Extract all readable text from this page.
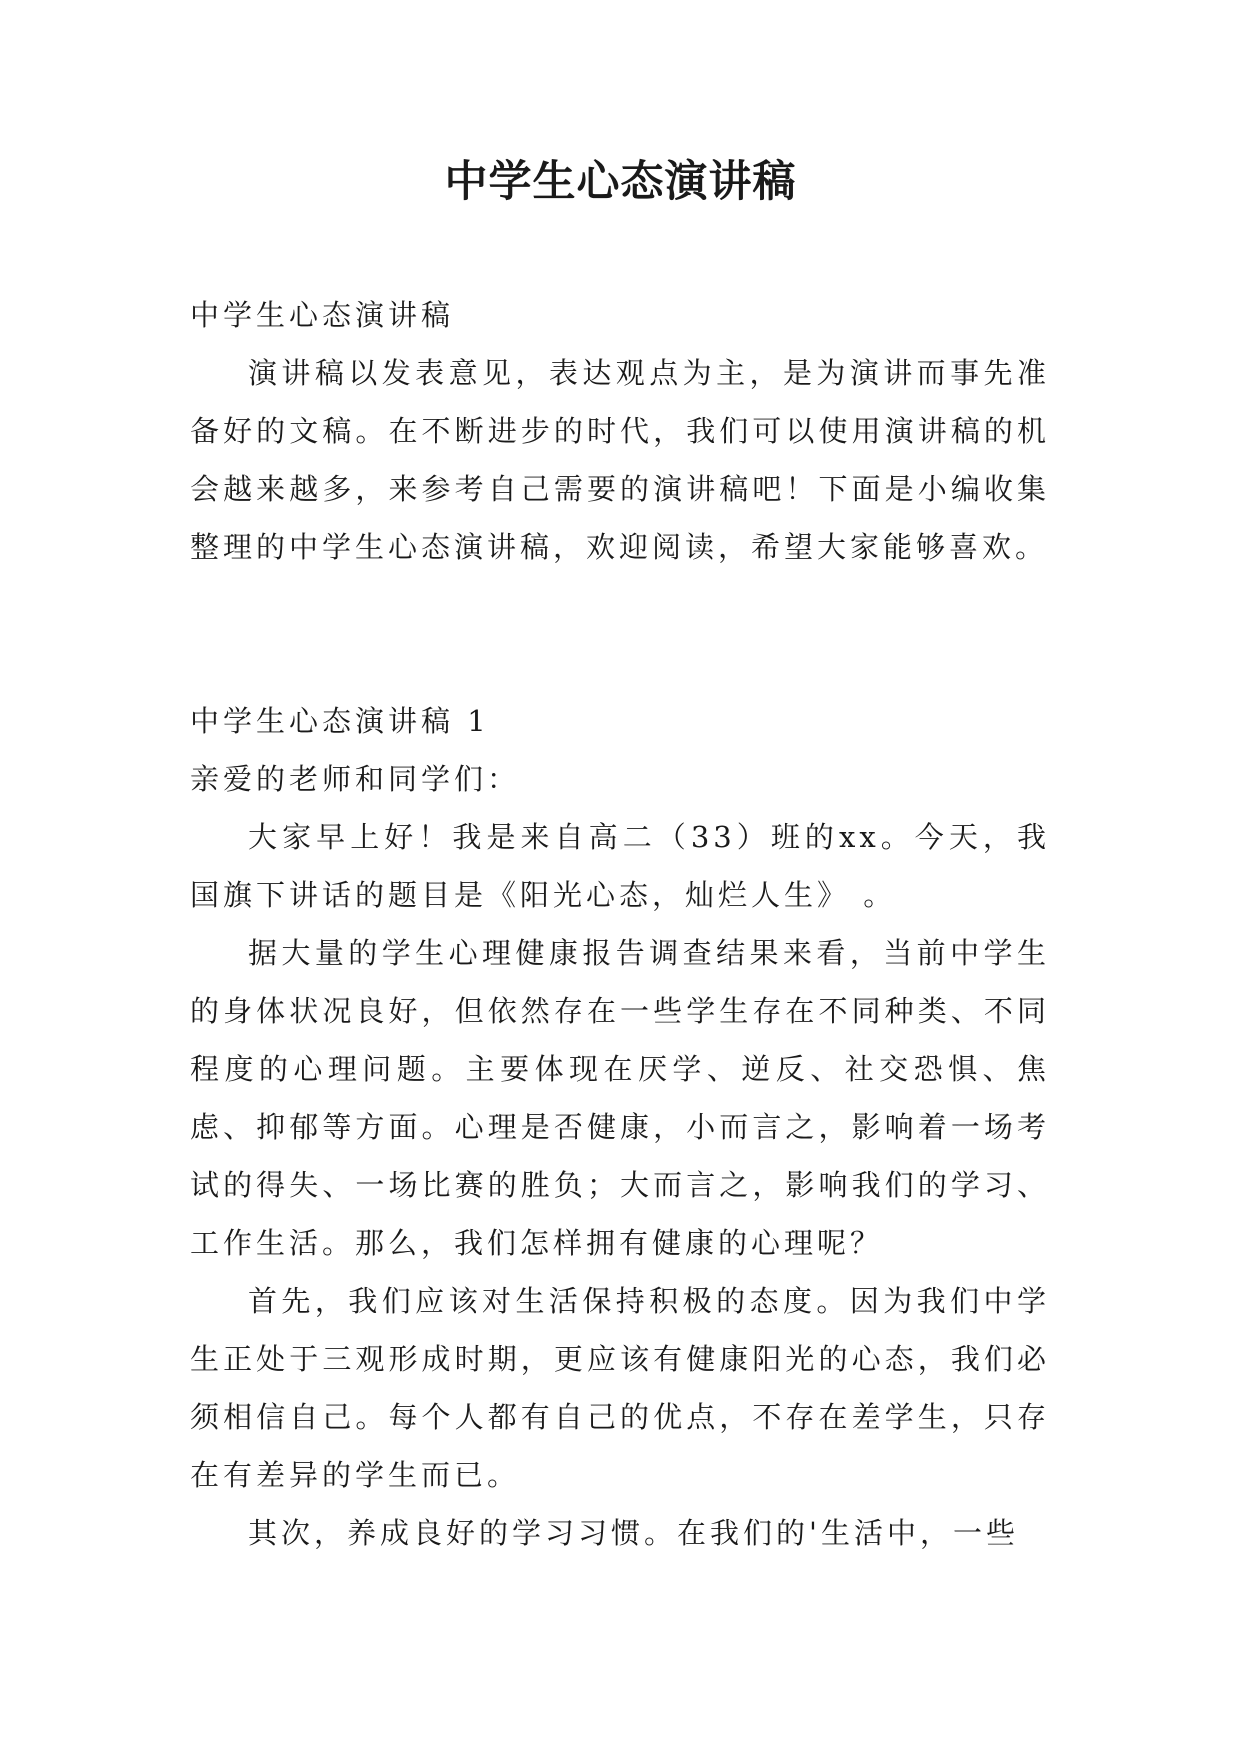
中学生心态演讲稿

中学生心态演讲稿

演讲稿以发表意见，表达观点为主，是为演讲而事先准备好的文稿。在不断进步的时代，我们可以使用演讲稿的机会越来越多，来参考自己需要的演讲稿吧！下面是小编收集整理的中学生心态演讲稿，欢迎阅读，希望大家能够喜欢。

中学生心态演讲稿 1

亲爱的老师和同学们：

大家早上好！我是来自高二（33）班的xx。今天，我国旗下讲话的题目是《阳光心态，灿烂人生》 。

据大量的学生心理健康报告调查结果来看，当前中学生的身体状况良好，但依然存在一些学生存在不同种类、不同程度的心理问题。主要体现在厌学、逆反、社交恐惧、焦虑、抑郁等方面。心理是否健康，小而言之，影响着一场考试的得失、一场比赛的胜负；大而言之，影响我们的学习、工作生活。那么，我们怎样拥有健康的心理呢？

首先，我们应该对生活保持积极的态度。因为我们中学生正处于三观形成时期，更应该有健康阳光的心态，我们必须相信自己。每个人都有自己的优点，不存在差学生，只存在有差异的学生而已。

其次，养成良好的学习习惯。在我们的'生活中，一些
